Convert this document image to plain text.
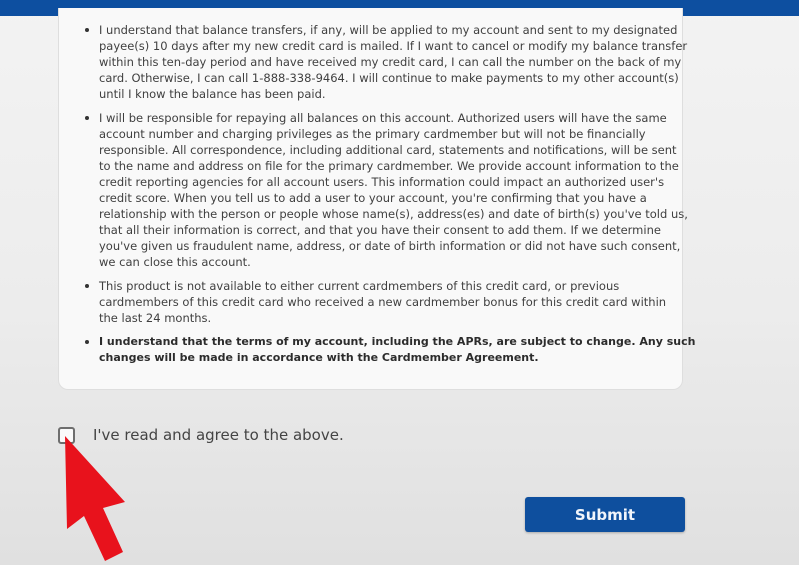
I understand that balance transfers, if any, will be applied to my account and sent to my designated
payee(s) 10 days after my new credit card is mailed. If I want to cancel or modify my balance transfer
within this ten-day period and have received my credit card, I can call the number on the back of my
card. Otherwise, I can call 1-888-338-9464. I will continue to make payments to my other account(s)
until I know the balance has been paid.
I will be responsible for repaying all balances on this account. Authorized users will have the same
account number and charging privileges as the primary cardmember but will not be financially
responsible. All correspondence, including additional card, statements and notifications, will be sent
to the name and address on file for the primary cardmember. We provide account information to the
credit reporting agencies for all account users. This information could impact an authorized user's
credit score. When you tell us to add a user to your account, you're confirming that you have a
relationship with the person or people whose name(s), address(es) and date of birth(s) you've told us,
that all their information is correct, and that you have their consent to add them. If we determine
you've given us fraudulent name, address, or date of birth information or did not have such consent,
we can close this account.
This product is not available to either current cardmembers of this credit card, or previous
cardmembers of this credit card who received a new cardmember bonus for this credit card within
the last 24 months.
I understand that the terms of my account, including the APRs, are subject to change. Any such
changes will be made in accordance with the Cardmember Agreement.
I've read and agree to the above.
Submit
